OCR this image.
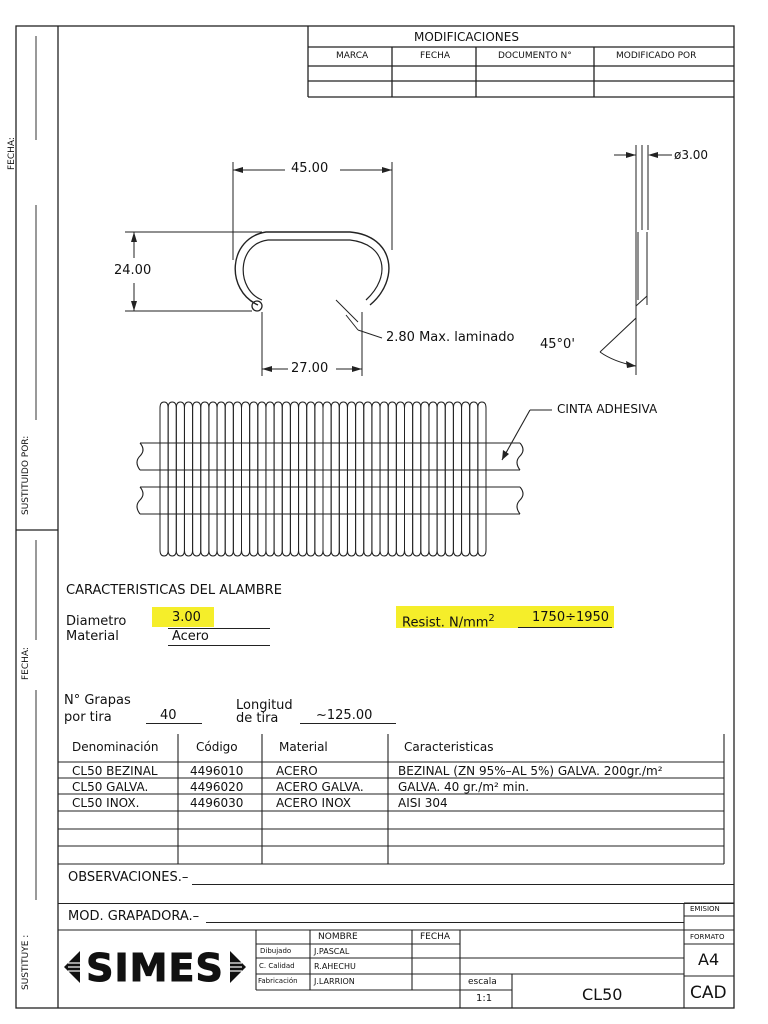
MODIFICACIONES
MARCA	FECHA	DOCUMENTO N°	MODIFICADO POR
FECHA:
SUSTITUIDO POR:
FECHA:
SUSTITUYE :
45.00
24.00
27.00
2.80 Max. laminado
ø3.00
45°0'
CINTA ADHESIVA
CARACTERISTICAS DEL ALAMBRE
Diametro	3.00
Material	Acero
Resist. $N/mm^2$	1750÷1950
N° Grapas
por tira	40
Longitud
de tira	~125.00
Denominación	Código	Material	Caracteristicas
CL50 BEZINAL	4496010	ACERO	BEZINAL (ZN 95%–AL 5%) GALVA. 200gr./m²
CL50 GALVA.	4496020	ACERO GALVA.	GALVA. 40 gr./m² min.
CL50 INOX.	4496030	ACERO INOX	AISI 304
OBSERVACIONES.–
MOD. GRAPADORA.–
SIMES
NOMBRE	FECHA
Dibujado	J.PASCAL
C. Calidad R.AHECHU
Fabricación J.LARRION	escala
1:1	CL50
EMISION
FORMATO
A4
CAD
